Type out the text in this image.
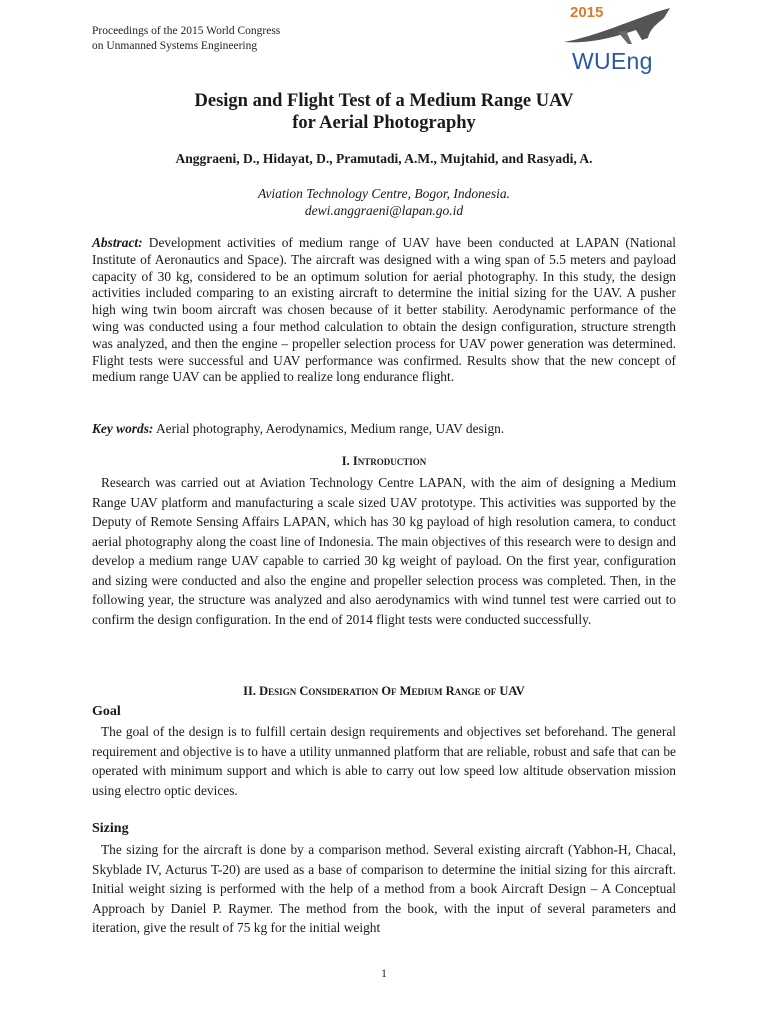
Proceedings of the 2015 World Congress
on Unmanned Systems Engineering
2015
WUEng
Design and Flight Test of a Medium Range UAV
for Aerial Photography
Anggraeni, D., Hidayat, D., Pramutadi, A.M., Mujtahid, and Rasyadi, A.
Aviation Technology Centre, Bogor, Indonesia.
dewi.anggraeni@lapan.go.id

Abstract: Development activities of medium range of UAV have been conducted at LAPAN (National Institute of Aeronautics and Space). The aircraft was designed with a wing span of 5.5 meters and payload capacity of 30 kg, considered to be an optimum solution for aerial photography. In this study, the design activities included comparing to an existing aircraft to determine the initial sizing for the UAV. A pusher high wing twin boom aircraft was chosen because of it better stability. Aerodynamic performance of the wing was conducted using a four method calculation to obtain the design configuration, structure strength was analyzed, and then the engine – propeller selection process for UAV power generation was determined. Flight tests were successful and UAV performance was confirmed. Results show that the new concept of medium range UAV can be applied to realize long endurance flight.

Key words: Aerial photography, Aerodynamics, Medium range, UAV design.

I. Introduction

Research was carried out at Aviation Technology Centre LAPAN, with the aim of designing a Medium Range UAV platform and manufacturing a scale sized UAV prototype. This activities was supported by the Deputy of Remote Sensing Affairs LAPAN, which has 30 kg payload of high resolution camera, to conduct aerial photography along the coast line of Indonesia. The main objectives of this research were to design and develop a medium range UAV capable to carried 30 kg weight of payload. On the first year, configuration and sizing were conducted and also the engine and propeller selection process was completed. Then, in the following year, the structure was analyzed and also aerodynamics with wind tunnel test were carried out to confirm the design configuration. In the end of 2014 flight tests were conducted successfully.

II. Design Consideration Of Medium Range of UAV
Goal

The goal of the design is to fulfill certain design requirements and objectives set beforehand. The general requirement and objective is to have a utility unmanned platform that are reliable, robust and safe that can be operated with minimum support and which is able to carry out low speed low altitude observation mission using electro optic devices.

Sizing

The sizing for the aircraft is done by a comparison method. Several existing aircraft (Yabhon-H, Chacal, Skyblade IV, Acturus T-20) are used as a base of comparison to determine the initial sizing for this aircraft. Initial weight sizing is performed with the help of a method from a book Aircraft Design – A Conceptual Approach by Daniel P. Raymer. The method from the book, with the input of several parameters and iteration, give the result of 75 kg for the initial weight

1
